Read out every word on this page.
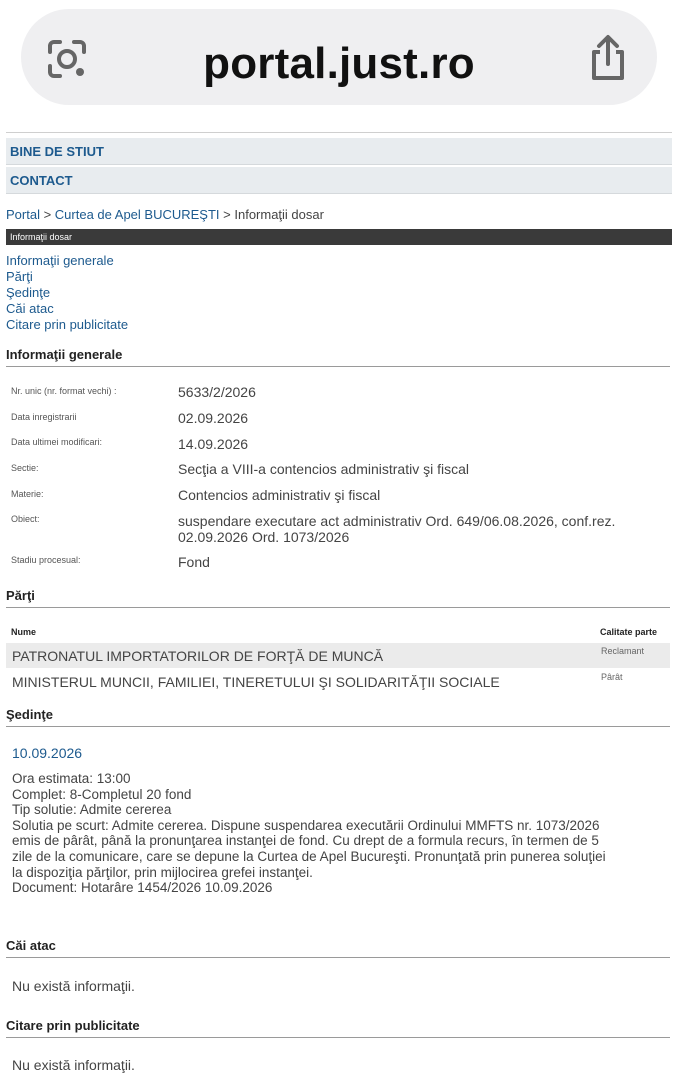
portal.just.ro
BINE DE STIUT
CONTACT
Portal > Curtea de Apel BUCUREŞTI > Informaţii dosar
Informaţii dosar
Informaţii generale
Părţi
Şedinţe
Căi atac
Citare prin publicitate
Informaţii generale
Nr. unic (nr. format vechi) :	5633/2/2026
Data inregistrarii	02.09.2026
Data ultimei modificari:	14.09.2026
Sectie:	Secţia a VIII-a contencios administrativ şi fiscal
Materie:	Contencios administrativ şi fiscal
Obiect:	suspendare executare act administrativ Ord. 649/06.08.2026, conf.rez. 02.09.2026 Ord. 1073/2026
Stadiu procesual:	Fond
Părţi
Nume	Calitate parte
PATRONATUL IMPORTATORILOR DE FORŢĂ DE MUNCĂ	Reclamant
MINISTERUL MUNCII, FAMILIEI, TINERETULUI ŞI SOLIDARITĂŢII SOCIALE	Pârât
Şedinţe
10.09.2026
Ora estimata: 13:00
Complet: 8-Completul 20 fond
Tip solutie: Admite cererea
Solutia pe scurt: Admite cererea. Dispune suspendarea executării Ordinului MMFTS nr. 1073/2026
emis de pârât, până la pronunţarea instanţei de fond. Cu drept de a formula recurs, în termen de 5
zile de la comunicare, care se depune la Curtea de Apel Bucureşti. Pronunţată prin punerea soluţiei
la dispoziţia părţilor, prin mijlocirea grefei instanţei.
Document: Hotarâre 1454/2026 10.09.2026
Căi atac
Nu există informaţii.
Citare prin publicitate
Nu există informaţii.
